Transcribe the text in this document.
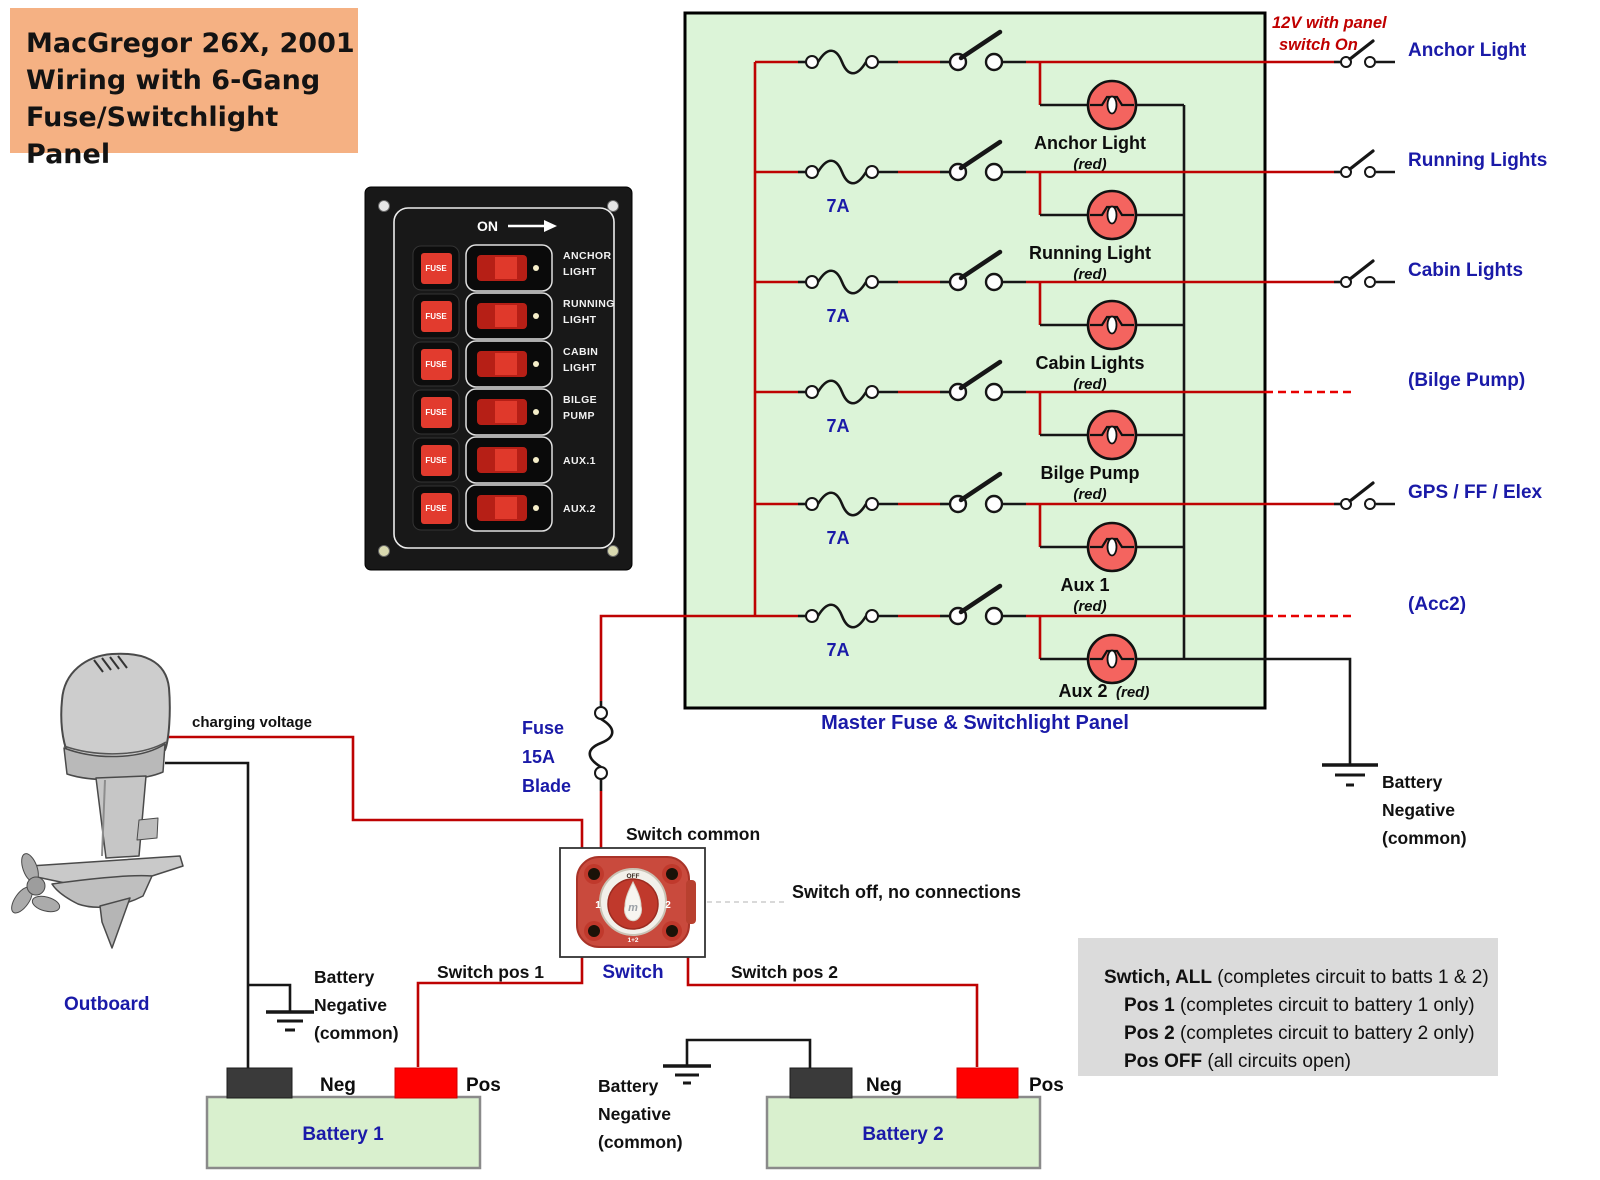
Anchor Light
(red)
Anchor Light
Running Light
(red)
7A
Running Lights
Cabin Lights
(red)
7A
Cabin Lights
Bilge Pump
(red)
7A
(Bilge Pump)
Aux 1
(red)
7A
GPS / FF / Elex
Aux 2 (red)
7A
(Acc2)
Battery 1
Neg	Pos
Battery 2
Neg	Pos
OFF
m
1	2
1+2
ON
FUSE
ANCHOR
LIGHT
FUSE
RUNNING
LIGHT
FUSE
CABIN
LIGHT
FUSE
BILGE
PUMP
FUSE	AUX.1
FUSE	AUX.2

MacGregor 26X, 2001

Wiring with 6-Gang

Fuse/Switchlight Panel

12V with panel
switch On
Master Fuse & Switchlight Panel
Battery
Negative
(common)
Fuse
15A
Blade
charging voltage
Outboard
Switch common
Switch off, no connections
Switch
Switch pos 1	Switch pos 2
Battery
Negative
(common)
Battery
Negative
(common)
Swtich, ALL (completes circuit to batts 1 & 2)
Pos 1 (completes circuit to battery 1 only)
Pos 2 (completes circuit to battery 2 only)
Pos OFF (all circuits open)
